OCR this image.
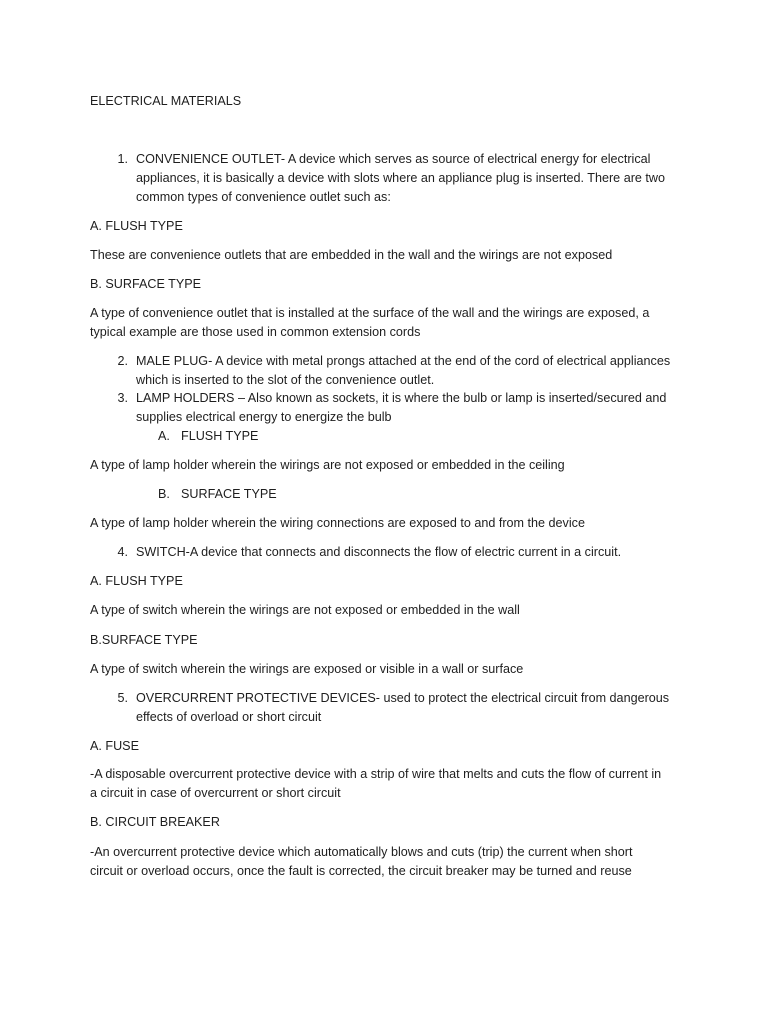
ELECTRICAL MATERIALS
1. CONVENIENCE OUTLET- A device which serves as source of electrical energy for electrical
appliances, it is basically a device with slots where an appliance plug is inserted. There are two
common types of convenience outlet such as:
A. FLUSH TYPE
These are convenience outlets that are embedded in the wall and the wirings are not exposed
B. SURFACE TYPE
A type of convenience outlet that is installed at the surface of the wall and the wirings are exposed, a
typical example are those used in common extension cords
2. MALE PLUG- A device with metal prongs attached at the end of the cord of electrical appliances
which is inserted to the slot of the convenience outlet.
3. LAMP HOLDERS – Also known as sockets, it is where the bulb or lamp is inserted/secured and
supplies electrical energy to energize the bulb
A. FLUSH TYPE
A type of lamp holder wherein the wirings are not exposed or embedded in the ceiling
B. SURFACE TYPE
A type of lamp holder wherein the wiring connections are exposed to and from the device
4. SWITCH-A device that connects and disconnects the flow of electric current in a circuit.
A. FLUSH TYPE
A type of switch wherein the wirings are not exposed or embedded in the wall
B.SURFACE TYPE
A type of switch wherein the wirings are exposed or visible in a wall or surface
5. OVERCURRENT PROTECTIVE DEVICES- used to protect the electrical circuit from dangerous
effects of overload or short circuit
A. FUSE
-A disposable overcurrent protective device with a strip of wire that melts and cuts the flow of current in
a circuit in case of overcurrent or short circuit
B. CIRCUIT BREAKER
-An overcurrent protective device which automatically blows and cuts (trip) the current when short
circuit or overload occurs, once the fault is corrected, the circuit breaker may be turned and reuse
